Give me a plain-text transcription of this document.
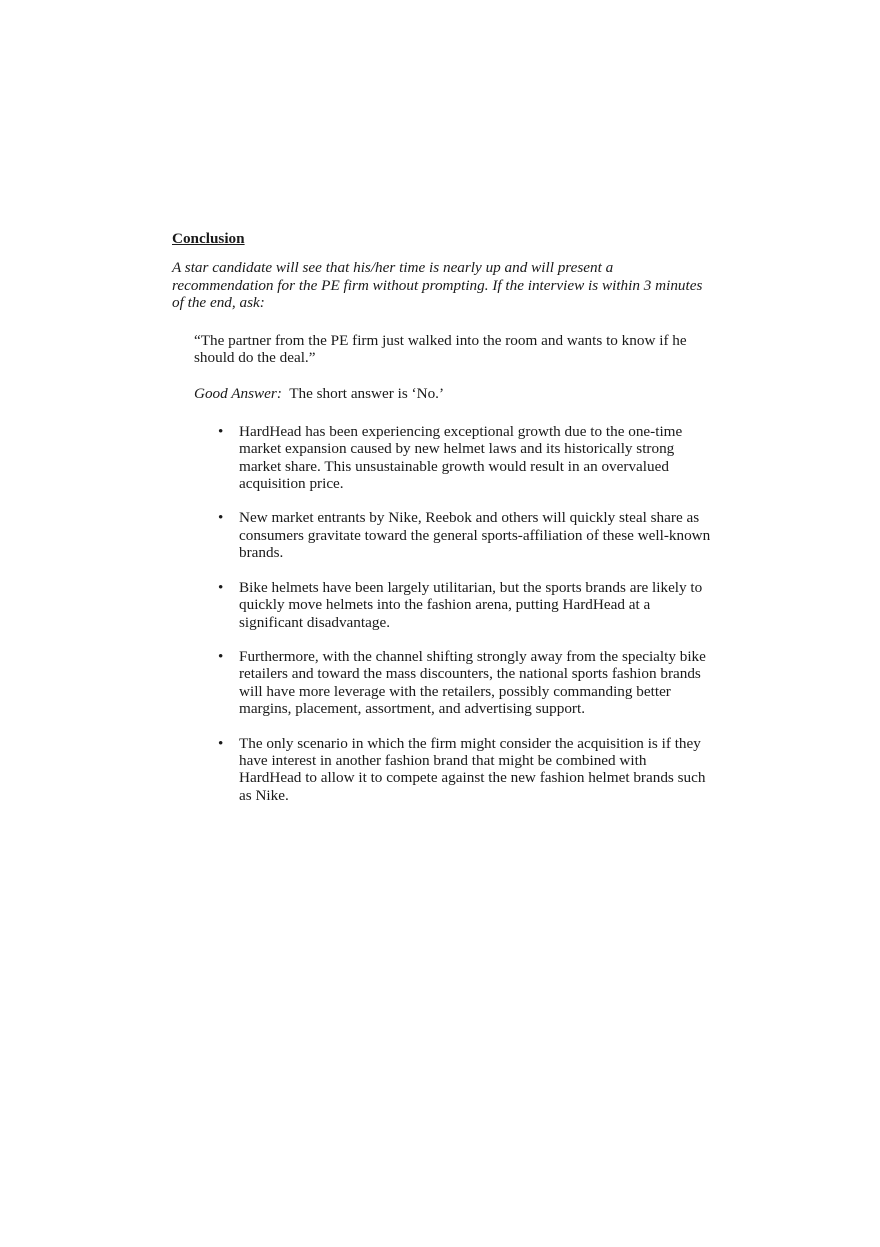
Conclusion

A star candidate will see that his/her time is nearly up and will present a recommendation for the PE firm without prompting. If the interview is within 3 minutes of the end, ask:

“The partner from the PE firm just walked into the room and wants to know if he should do the deal.”

Good Answer: The short answer is ‘No.’

• HardHead has been experiencing exceptional growth due to the one-time market expansion caused by new helmet laws and its historically strong market share. This unsustainable growth would result in an overvalued acquisition price.
• New market entrants by Nike, Reebok and others will quickly steal share as consumers gravitate toward the general sports-affiliation of these well-known brands.
• Bike helmets have been largely utilitarian, but the sports brands are likely to quickly move helmets into the fashion arena, putting HardHead at a significant disadvantage.
• Furthermore, with the channel shifting strongly away from the specialty bike retailers and toward the mass discounters, the national sports fashion brands will have more leverage with the retailers, possibly commanding better margins, placement, assortment, and advertising support.
• The only scenario in which the firm might consider the acquisition is if they have interest in another fashion brand that might be combined with HardHead to allow it to compete against the new fashion helmet brands such as Nike.
